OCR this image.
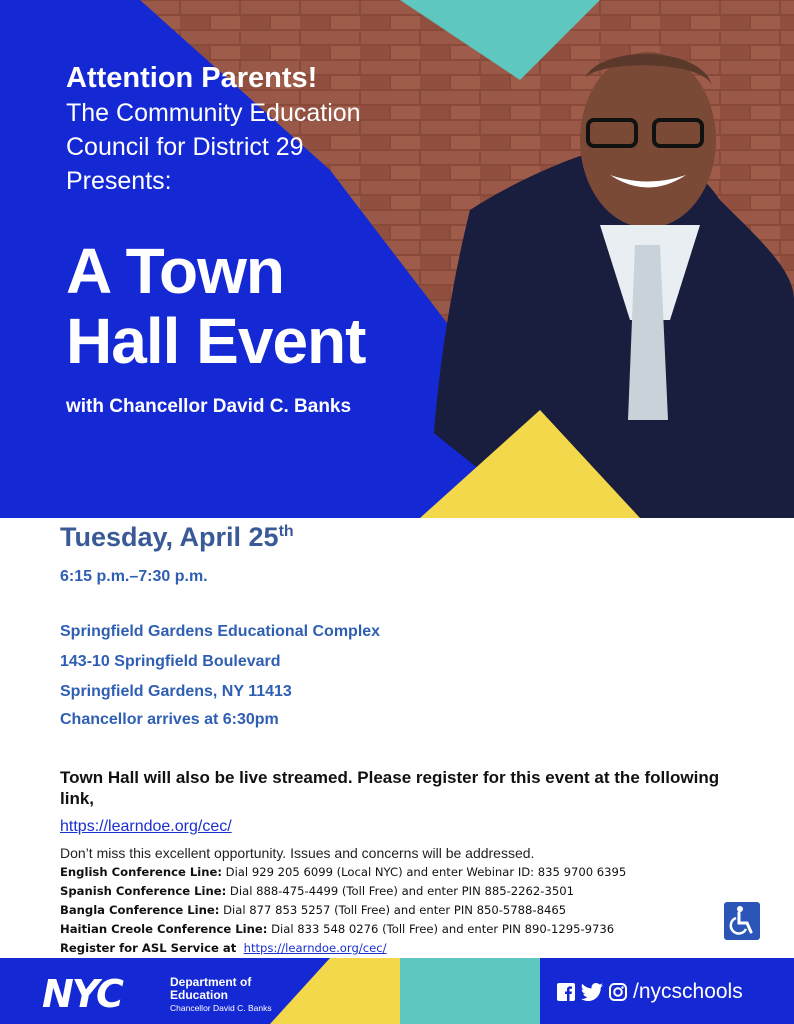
Attention Parents!
The Community Education
Council for District 29
Presents:
A Town
Hall Event
with Chancellor David C. Banks
Tuesday, April 25th
6:15 p.m.–7:30 p.m.
Springfield Gardens Educational Complex
143-10 Springfield Boulevard
Springfield Gardens, NY 11413
Chancellor arrives at 6:30pm
Town Hall will also be live streamed. Please register for this event at the following link,
https://learndoe.org/cec/
Don’t miss this excellent opportunity. Issues and concerns will be addressed.
English Conference Line: Dial 929 205 6099 (Local NYC) and enter Webinar ID: 835 9700 6395
Spanish Conference Line: Dial 888-475-4499 (Toll Free) and enter PIN 885-2262-3501
Bangla Conference Line: Dial 877 853 5257 (Toll Free) and enter PIN 850-5788-8465
Haitian Creole Conference Line: Dial 833 548 0276 (Toll Free) and enter PIN 890-1295-9736
Register for ASL Service at https://learndoe.org/cec/
NYC	Department of
Education
Chancellor David C. Banks
/nycschools
